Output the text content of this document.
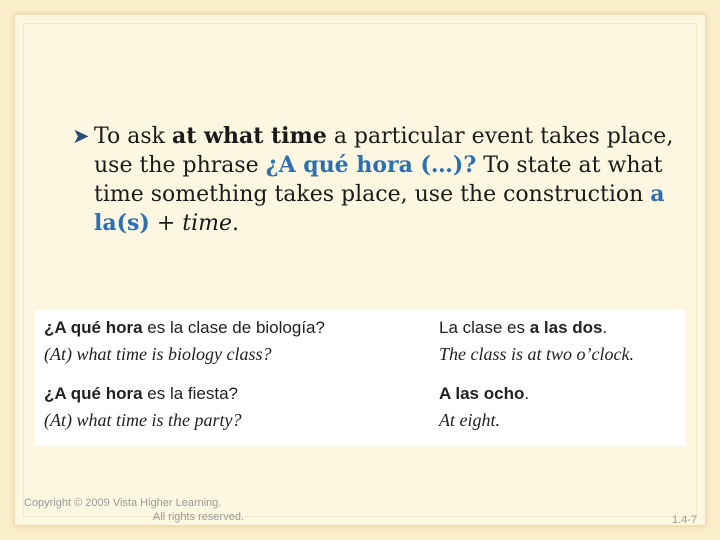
➤ To ask at what time a particular event takes place, use the phrase ¿A qué hora (…)? To state at what time something takes place, use the construction a la(s) + time.
¿A qué hora es la clase de biología?
(At) what time is biology class?
La clase es a las dos.
The class is at two o’clock.
¿A qué hora es la fiesta?
(At) what time is the party?
A las ocho.
At eight.
Copyright © 2009 Vista Higher Learning.
All rights reserved.	1.4-7
